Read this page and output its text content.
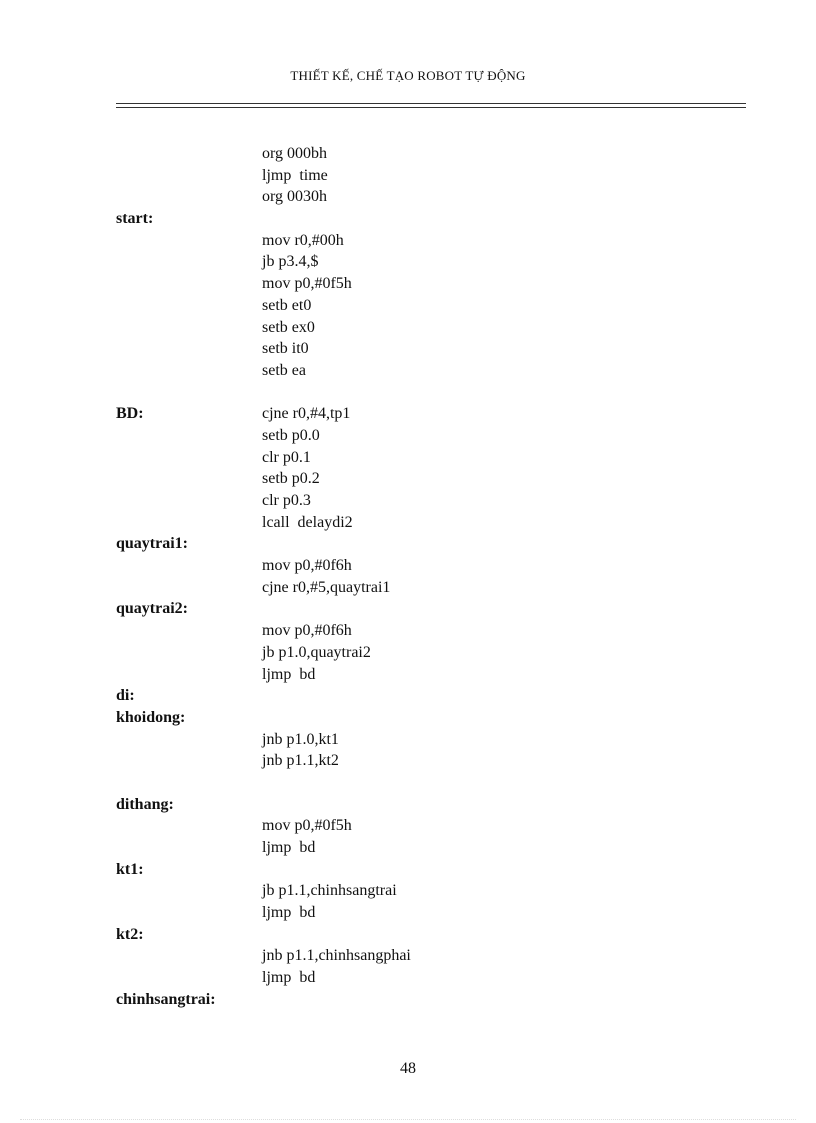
THIẾT KẾ, CHẾ TẠO ROBOT TỰ ĐỘNG
org 000bh
ljmp  time
org 0030h
start:
mov r0,#00h
jb p3.4,$
mov p0,#0f5h
setb et0
setb ex0
setb it0
setb ea
BD:	cjne r0,#4,tp1
setb p0.0
clr p0.1
setb p0.2
clr p0.3
lcall  delaydi2
quaytrai1:
mov p0,#0f6h
cjne r0,#5,quaytrai1
quaytrai2:
mov p0,#0f6h
jb p1.0,quaytrai2
ljmp  bd
di:
khoidong:
jnb p1.0,kt1
jnb p1.1,kt2
dithang:
mov p0,#0f5h
ljmp  bd
kt1:
jb p1.1,chinhsangtrai
ljmp  bd
kt2:
jnb p1.1,chinhsangphai
ljmp  bd
chinhsangtrai:
48
